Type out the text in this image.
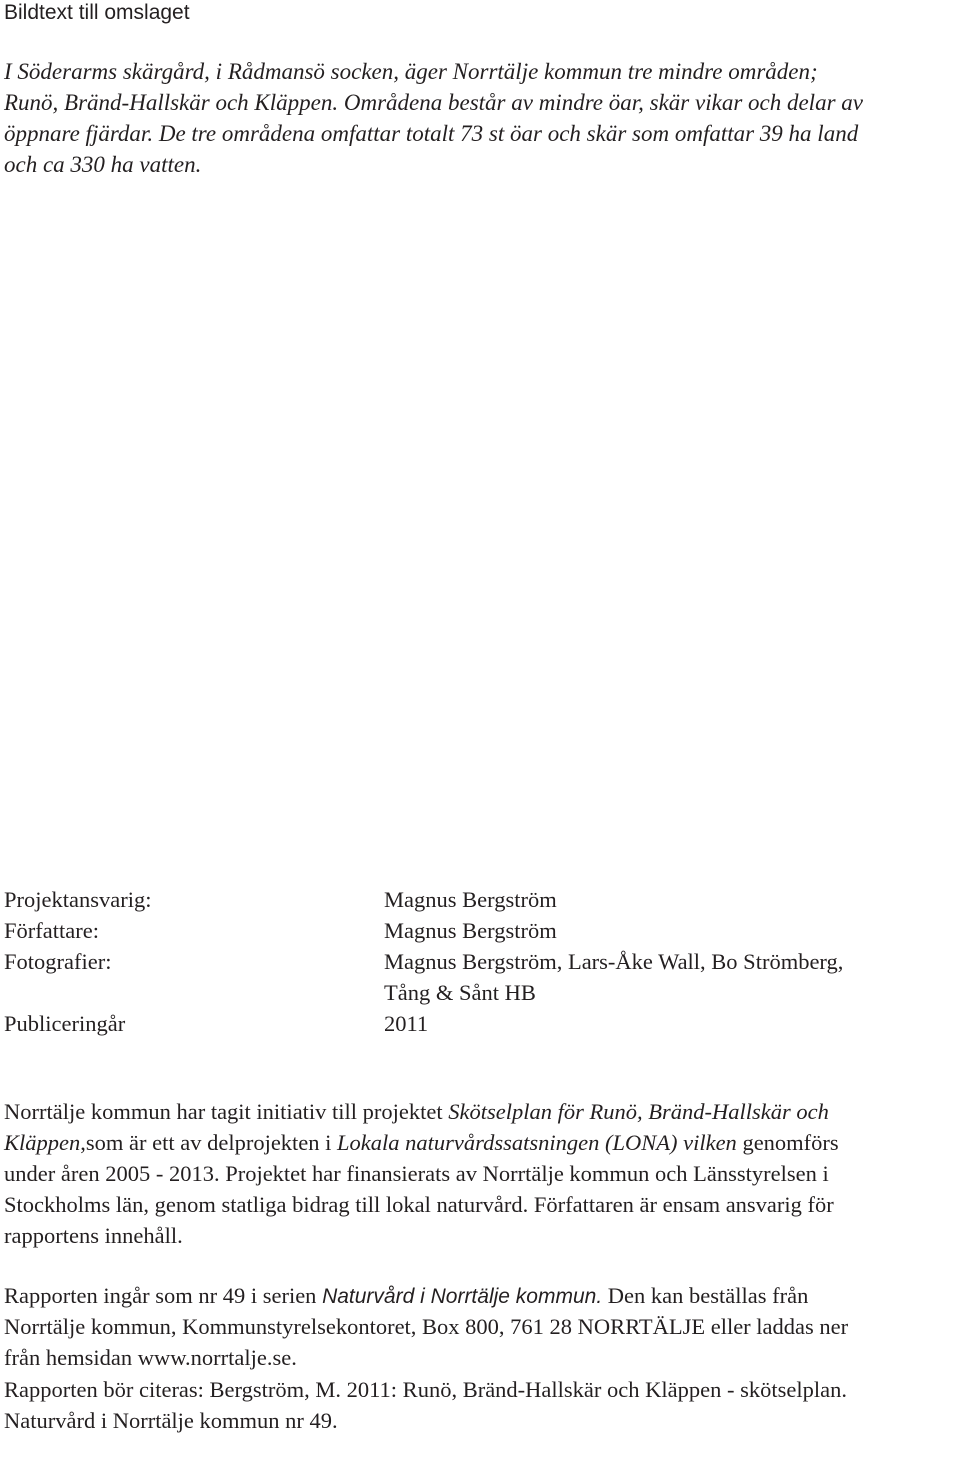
Bildtext till omslaget
I Söderarms skärgård, i Rådmansö socken, äger Norrtälje kommun tre mindre områden;
Runö, Bränd-Hallskär och Kläppen. Områdena består av mindre öar, skär vikar och delar av
öppnare fjärdar. De tre områdena omfattar totalt 73 st öar och skär som omfattar 39 ha land
och ca 330 ha vatten.
Projektansvarig:	Magnus Bergström
Författare:	Magnus Bergström
Fotografier:	Magnus Bergström, Lars-Åke Wall, Bo Strömberg,
Tång & Sånt HB
Publiceringår	2011
Norrtälje kommun har tagit initiativ till projektet Skötselplan för Runö, Bränd-Hallskär och
Kläppen,som är ett av delprojekten i Lokala naturvårdssatsningen (LONA) vilken genomförs
under åren 2005 - 2013. Projektet har finansierats av Norrtälje kommun och Länsstyrelsen i
Stockholms län, genom statliga bidrag till lokal naturvård. Författaren är ensam ansvarig för
rapportens innehåll.
Rapporten ingår som nr 49 i serien Naturvård i Norrtälje kommun. Den kan beställas från
Norrtälje kommun, Kommunstyrelsekontoret, Box 800, 761 28 NORRTÄLJE eller laddas ner
från hemsidan www.norrtalje.se.
Rapporten bör citeras: Bergström, M. 2011: Runö, Bränd-Hallskär och Kläppen - skötselplan.
Naturvård i Norrtälje kommun nr 49.
